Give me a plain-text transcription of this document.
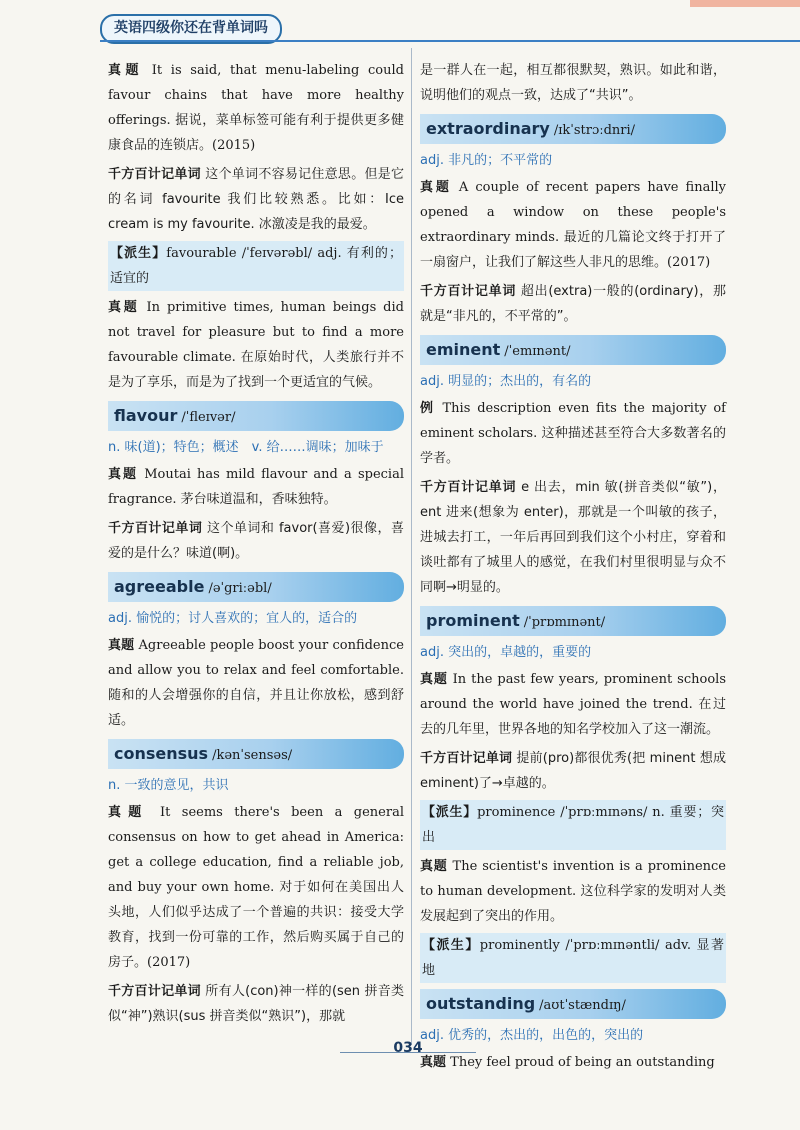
英语四级你还在背单词吗

真题 It is said, that menu-labeling could favour chains that have more healthy offerings. 据说，菜单标签可能有利于提供更多健康食品的连锁店。(2015)

千方百计记单词 这个单词不容易记住意思。但是它的名词 favourite 我们比较熟悉。比如：Ice cream is my favourite. 冰激凌是我的最爱。

【派生】favourable /ˈfeɪvərəbl/ adj. 有利的；适宜的

真题 In primitive times, human beings did not travel for pleasure but to find a more favourable climate. 在原始时代，人类旅行并不是为了享乐，而是为了找到一个更适宜的气候。

flavour /ˈfleɪvər/

n. 味(道)；特色；概述　v. 给……调味；加味于

真题 Moutai has mild flavour and a special fragrance. 茅台味道温和，香味独特。

千方百计记单词 这个单词和 favor(喜爱)很像，喜爱的是什么？味道(啊)。

agreeable /əˈgriːəbl/

adj. 愉悦的；讨人喜欢的；宜人的，适合的

真题 Agreeable people boost your confidence and allow you to relax and feel comfortable. 随和的人会增强你的自信，并且让你放松，感到舒适。

consensus /kənˈsensəs/

n. 一致的意见，共识

真题 It seems there's been a general consensus on how to get ahead in America: get a college education, find a reliable job, and buy your own home. 对于如何在美国出人头地，人们似乎达成了一个普遍的共识：接受大学教育，找到一份可靠的工作，然后购买属于自己的房子。(2017)

千方百计记单词 所有人(con)神一样的(sen 拼音类似“神”)熟识(sus 拼音类似“熟识”)，那就

是一群人在一起，相互都很默契，熟识。如此和谐，说明他们的观点一致，达成了“共识”。

extraordinary /ɪkˈstrɔːdnri/

adj. 非凡的；不平常的

真题 A couple of recent papers have finally opened a window on these people's extraordinary minds. 最近的几篇论文终于打开了一扇窗户，让我们了解这些人非凡的思维。(2017)

千方百计记单词 超出(extra)一般的(ordinary)，那就是“非凡的，不平常的”。

eminent /ˈemɪnənt/

adj. 明显的；杰出的，有名的

例 This description even fits the majority of eminent scholars. 这种描述甚至符合大多数著名的学者。

千方百计记单词 e 出去，min 敏(拼音类似“敏”)，ent 进来(想象为 enter)，那就是一个叫敏的孩子，进城去打工，一年后再回到我们这个小村庄，穿着和谈吐都有了城里人的感觉，在我们村里很明显与众不同啊→明显的。

prominent /ˈprɒmɪnənt/

adj. 突出的，卓越的，重要的

真题 In the past few years, prominent schools around the world have joined the trend. 在过去的几年里，世界各地的知名学校加入了这一潮流。

千方百计记单词 提前(pro)都很优秀(把 minent 想成 eminent)了→卓越的。

【派生】prominence /ˈprɒːmɪnəns/ n. 重要；突出

真题 The scientist's invention is a prominence to human development. 这位科学家的发明对人类发展起到了突出的作用。

【派生】prominently /ˈprɒːmɪnəntli/ adv. 显著地

outstanding /aʊtˈstændɪŋ/

adj. 优秀的，杰出的，出色的，突出的

真题 They feel proud of being an outstanding

034
